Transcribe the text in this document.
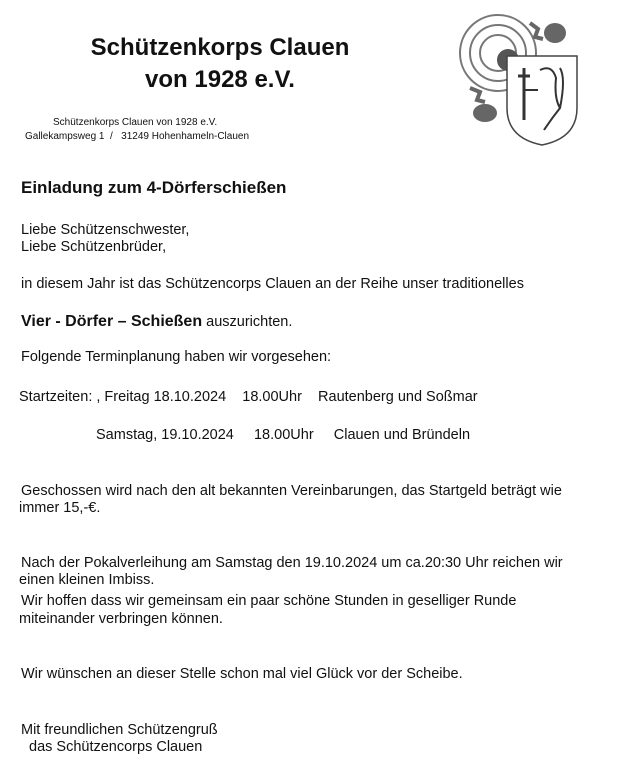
Schützenkorps Clauen
von 1928 e.V.
Schützenkorps Clauen von 1928 e.V.
Gallekampsweg 1  /   31249 Hohenhameln-Clauen
Einladung zum 4-Dörferschießen
Liebe Schützenschwester,
Liebe Schützenbrüder,
in diesem Jahr ist das Schützencorps Clauen an der Reihe unser traditionelles
Vier - Dörfer – Schießen auszurichten.
Folgende Terminplanung haben wir vorgesehen:
Startzeiten: , Freitag 18.10.2024    18.00Uhr    Rautenberg und Soßmar
Samstag, 19.10.2024     18.00Uhr     Clauen und Bründeln
Geschossen wird nach den alt bekannten Vereinbarungen, das Startgeld beträgt wie
immer 15,-€.
Nach der Pokalverleihung am Samstag den 19.10.2024 um ca.20:30 Uhr reichen wir
einen kleinen Imbiss.
Wir hoffen dass wir gemeinsam ein paar schöne Stunden in geselliger Runde
miteinander verbringen können.
Wir wünschen an dieser Stelle schon mal viel Glück vor der Scheibe.
Mit freundlichen Schützengruß
das Schützencorps Clauen
